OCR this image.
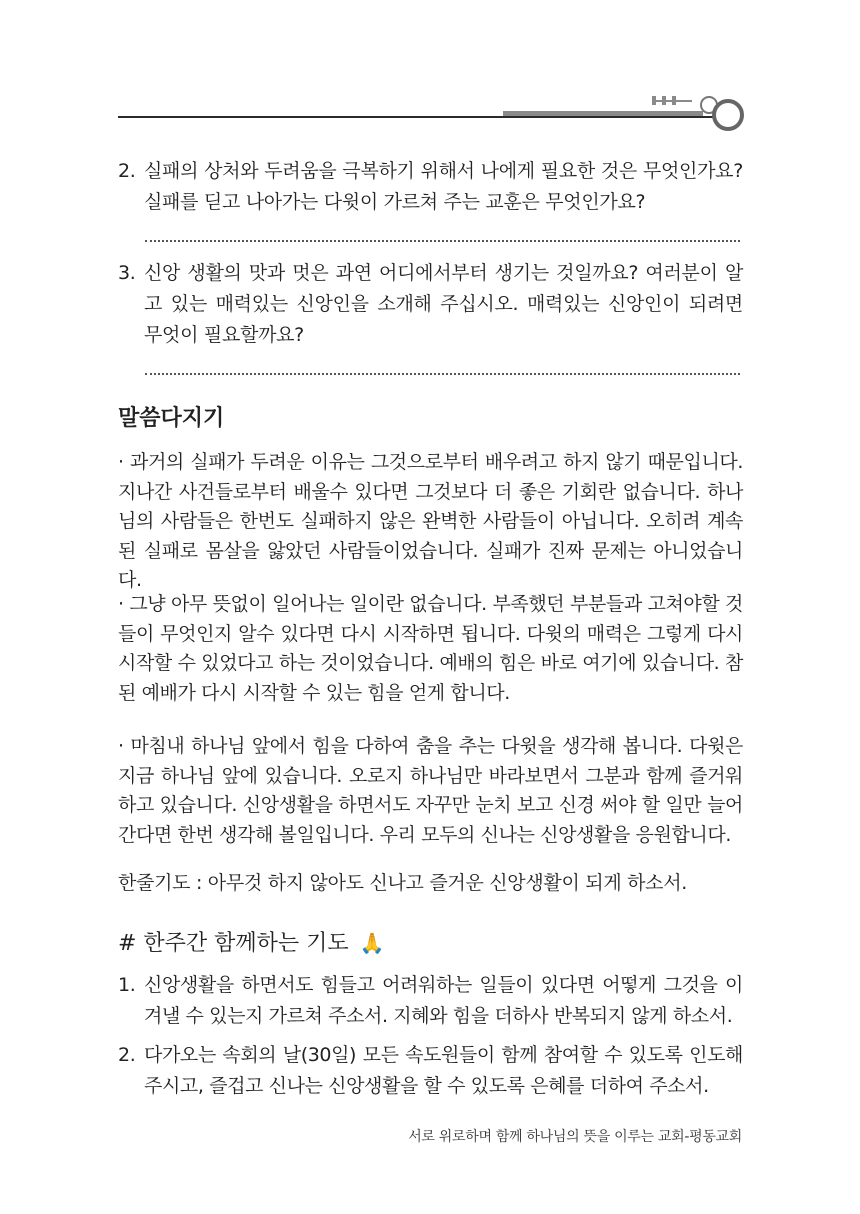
2. 실패의 상처와 두려움을 극복하기 위해서 나에게 필요한 것은 무엇인가요? 실패를 딛고 나아가는 다윗이 가르쳐 주는 교훈은 무엇인가요?
3. 신앙 생활의 맛과 멋은 과연 어디에서부터 생기는 것일까요? 여러분이 알고 있는 매력있는 신앙인을 소개해 주십시오. 매력있는 신앙인이 되려면 무엇이 필요할까요?
말씀다지기
· 과거의 실패가 두려운 이유는 그것으로부터 배우려고 하지 않기 때문입니다. 지나간 사건들로부터 배울수 있다면 그것보다 더 좋은 기회란 없습니다. 하나님의 사람들은 한번도 실패하지 않은 완벽한 사람들이 아닙니다. 오히려 계속된 실패로 몸살을 앓았던 사람들이었습니다. 실패가 진짜 문제는 아니었습니다.
· 그냥 아무 뜻없이 일어나는 일이란 없습니다. 부족했던 부분들과 고쳐야할 것들이 무엇인지 알수 있다면 다시 시작하면 됩니다. 다윗의 매력은 그렇게 다시 시작할 수 있었다고 하는 것이었습니다. 예배의 힘은 바로 여기에 있습니다. 참된 예배가 다시 시작할 수 있는 힘을 얻게 합니다.
· 마침내 하나님 앞에서 힘을 다하여 춤을 추는 다윗을 생각해 봅니다. 다윗은 지금 하나님 앞에 있습니다. 오로지 하나님만 바라보면서 그분과 함께 즐거워하고 있습니다. 신앙생활을 하면서도 자꾸만 눈치 보고 신경 써야 할 일만 늘어간다면 한번 생각해 볼일입니다. 우리 모두의 신나는 신앙생활을 응원합니다.
한줄기도 : 아무것 하지 않아도 신나고 즐거운 신앙생활이 되게 하소서.
# 한주간 함께하는 기도 🙏
1. 신앙생활을 하면서도 힘들고 어려워하는 일들이 있다면 어떻게 그것을 이겨낼 수 있는지 가르쳐 주소서. 지혜와 힘을 더하사 반복되지 않게 하소서.
2. 다가오는 속회의 날(30일) 모든 속도원들이 함께 참여할 수 있도록 인도해 주시고, 즐겁고 신나는 신앙생활을 할 수 있도록 은혜를 더하여 주소서.
서로 위로하며 함께 하나님의 뜻을 이루는 교회-평동교회
